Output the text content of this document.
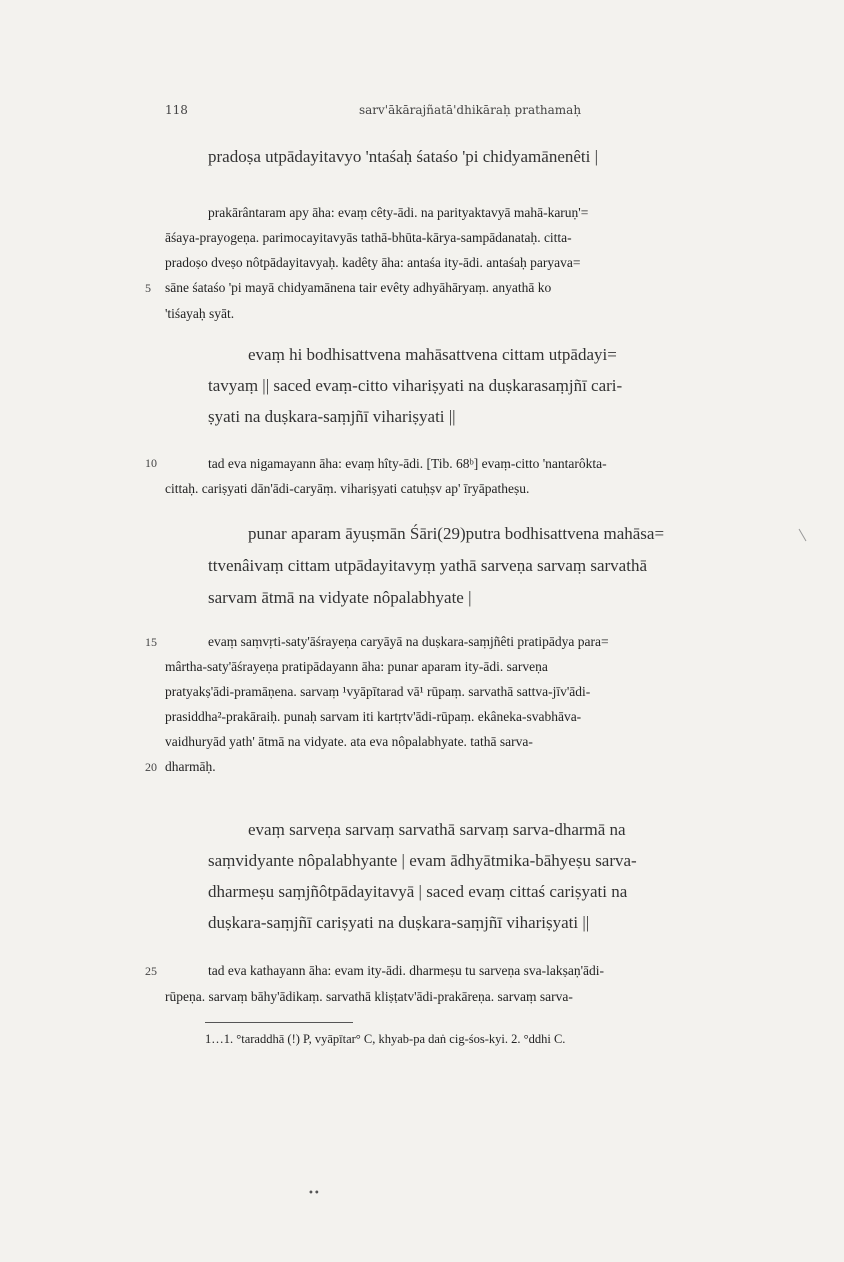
118	sarv'ākārajñatā'dhikāraḥ prathamaḥ
pradoṣa utpādayitavyo 'ntaśaḥ śataśo 'pi chidyamānenêti |
prakārântaram apy āha: evaṃ cêty-ādi. na parityaktavyā mahā-karuṇ'=
āśaya-prayogeṇa. parimocayitavyās tathā-bhūta-kārya-sampādanataḥ. citta-
pradoṣo dveṣo nôtpādayitavyaḥ. kadêty āha: antaśa ity-ādi. antaśaḥ paryava=
5 sāne śataśo 'pi mayā chidyamānena tair evêty adhyāhāryaṃ. anyathā ko
'tiśayaḥ syāt.
evaṃ hi bodhisattvena mahāsattvena cittam utpādayi=
tavyaṃ || saced evaṃ-citto vihariṣyati na duṣkarasaṃjñī cari-
ṣyati na duṣkara-saṃjñī vihariṣyati ||
10	tad eva nigamayann āha: evaṃ hîty-ādi. [Tib. 68ᵇ] evaṃ-citto 'nantarôkta-
cittaḥ. cariṣyati dān'ādi-caryāṃ. vihariṣyati catuḥṣv ap' īryāpatheṣu.
punar aparam āyuṣmān Śāri(29)putra bodhisattvena mahāsa=
ttvenâivaṃ cittam utpādayitavyṃ yathā sarveṇa sarvaṃ sarvathā
sarvam ātmā na vidyate nôpalabhyate |
15	evaṃ saṃvṛti-saty'āśrayeṇa caryāyā na duṣkara-saṃjñêti pratipādya para=
mârtha-saty'āśrayeṇa pratipādayann āha: punar aparam ity-ādi. sarveṇa
pratyakṣ'ādi-pramāṇena. sarvaṃ ¹vyāpītarad vā¹ rūpaṃ. sarvathā sattva-jīv'ādi-
prasiddha²-prakāraiḥ. punaḥ sarvam iti kartṛtv'ādi-rūpaṃ. ekâneka-svabhāva-
vaidhuryād yath' ātmā na vidyate. ata eva nôpalabhyate. tathā sarva-
20 dharmāḥ.
evaṃ sarveṇa sarvaṃ sarvathā sarvaṃ sarva-dharmā na
saṃvidyante nôpalabhyante | evam ādhyātmika-bāhyeṣu sarva-
dharmeṣu saṃjñôtpādayitavyā | saced evaṃ cittaś cariṣyati na
duṣkara-saṃjñī cariṣyati na duṣkara-saṃjñī vihariṣyati ||
25	tad eva kathayann āha: evam ity-ādi. dharmeṣu tu sarveṇa sva-lakṣaṇ'ādi-
rūpeṇa. sarvaṃ bāhy'ādikaṃ. sarvathā kliṣṭatv'ādi-prakāreṇa. sarvaṃ sarva-
1…1. °taraddhā (!) P, vyāpītar° C, khyab-pa daṅ cig-śos-kyi. 2. °ddhi C.
••
